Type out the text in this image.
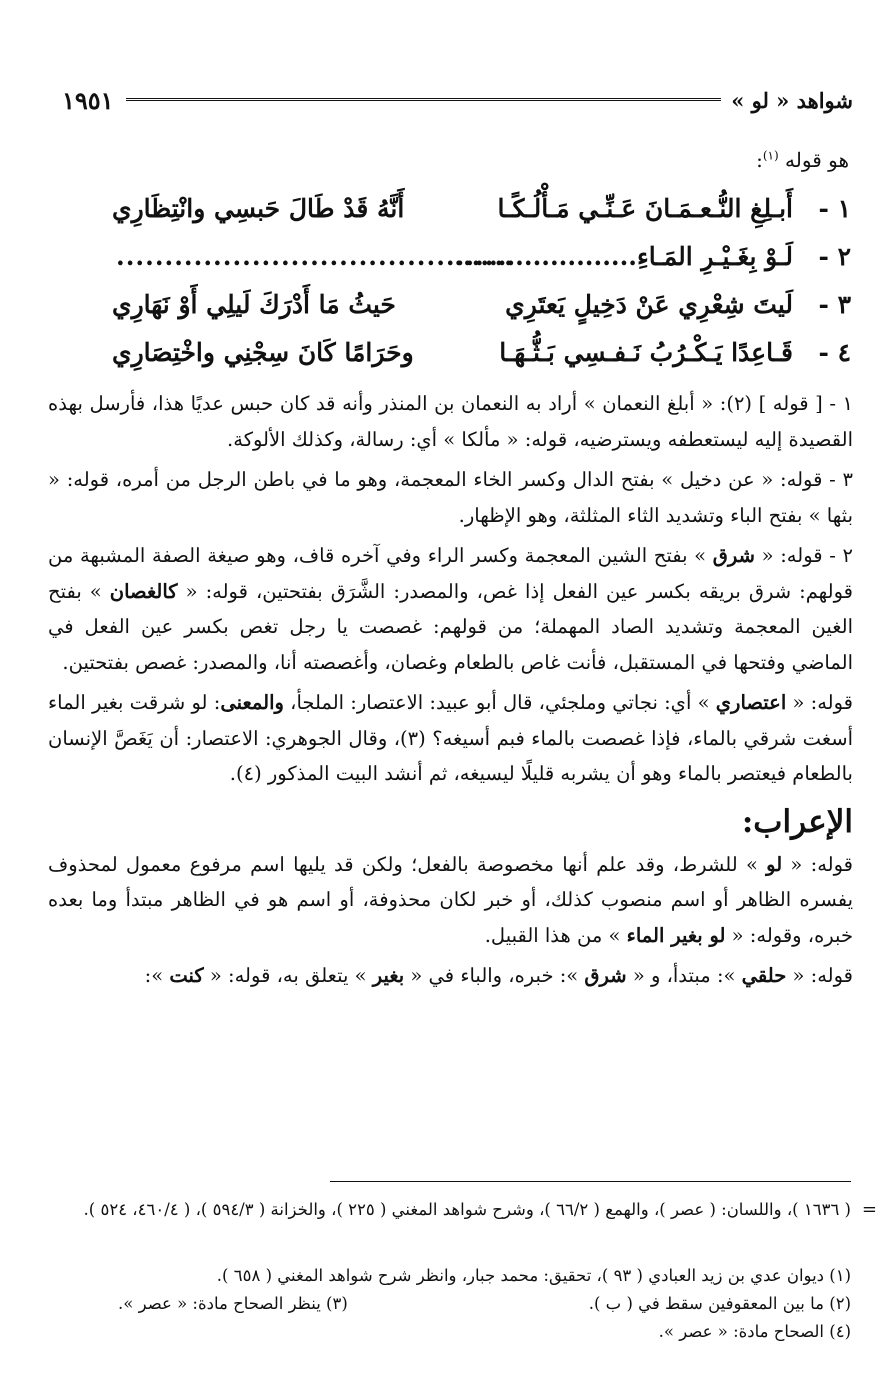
شواهد « لو »
١٩٥١
هو قوله $^{(١)}$:
١ -
أَبـلِغِ النُّـعـمَـانَ عَـنِّـي مَـأْلُـكًـا
أَنَّهُ قَدْ طَالَ حَبسِي وانْتِظَارِي
٢ -
لَـوْ بِغَـيْـرِ المَـاءِ.....................
.........................................
٣ -
لَيتَ شِعْرِي عَنْ دَخِيلٍ يَعتَرِي
حَيثُ مَا أَدْرَكَ لَيلِي أَوْ نَهَارِي
٤ -
قَـاعِدًا يَـكْـرُبُ نَـفـسِي بَـثُّـهَـا
وحَرَامًا كَانَ سِجْنِي واخْتِصَارِي

١ - [ قوله ] (٢): « أبلغ النعمان » أراد به النعمان بن المنذر وأنه قد كان حبس عديًا هذا، فأرسل بهذه القصيدة إليه ليستعطفه ويسترضيه، قوله: « مألكا » أي: رسالة، وكذلك الألوكة.

٣ - قوله: « عن دخيل » بفتح الدال وكسر الخاء المعجمة، وهو ما في باطن الرجل من أمره، قوله: « بثها » بفتح الباء وتشديد الثاء المثلثة، وهو الإظهار.

٢ - قوله: « شرق » بفتح الشين المعجمة وكسر الراء وفي آخره قاف، وهو صيغة الصفة المشبهة من قولهم: شرق بريقه بكسر عين الفعل إذا غص، والمصدر: الشَّرَق بفتحتين، قوله: « كالغصان » بفتح الغين المعجمة وتشديد الصاد المهملة؛ من قولهم: غصصت يا رجل تغص بكسر عين الفعل في الماضي وفتحها في المستقبل، فأنت غاص بالطعام وغصان، وأغصصته أنا، والمصدر: غصص بفتحتين.

قوله: « اعتصاري » أي: نجاتي وملجئي، قال أبو عبيد: الاعتصار: الملجأ، والمعنى: لو شرقت بغير الماء أسغت شرقي بالماء، فإذا غصصت بالماء فبم أسيغه؟ (٣)، وقال الجوهري: الاعتصار: أن يَغَصَّ الإنسان بالطعام فيعتصر بالماء وهو أن يشربه قليلًا ليسيغه، ثم أنشد البيت المذكور (٤).

الإعراب:

قوله: « لو » للشرط، وقد علم أنها مخصوصة بالفعل؛ ولكن قد يليها اسم مرفوع معمول لمحذوف يفسره الظاهر أو اسم منصوب كذلك، أو خبر لكان محذوفة، أو اسم هو في الظاهر مبتدأ وما بعده خبره، وقوله: « لو بغير الماء » من هذا القبيل.

قوله: « حلقي »: مبتدأ، و « شرق »: خبره، والباء في « بغير » يتعلق به، قوله: « كنت »:

=
( ١٦٣٦ )، واللسان: ( عصر )، والهمع ( ٦٦/٢ )، وشرح شواهد المغني ( ٢٢٥ )، والخزانة ( ٥٩٤/٣ )، ( ٤٦٠/٤، ٥٢٤ ).
(١) ديوان عدي بن زيد العبادي ( ٩٣ )، تحقيق: محمد جبار، وانظر شرح شواهد المغني ( ٦٥٨ ).
(٢) ما بين المعقوفين سقط في ( ب ).
(٣) ينظر الصحاح مادة: « عصر ».
(٤) الصحاح مادة: « عصر ».
